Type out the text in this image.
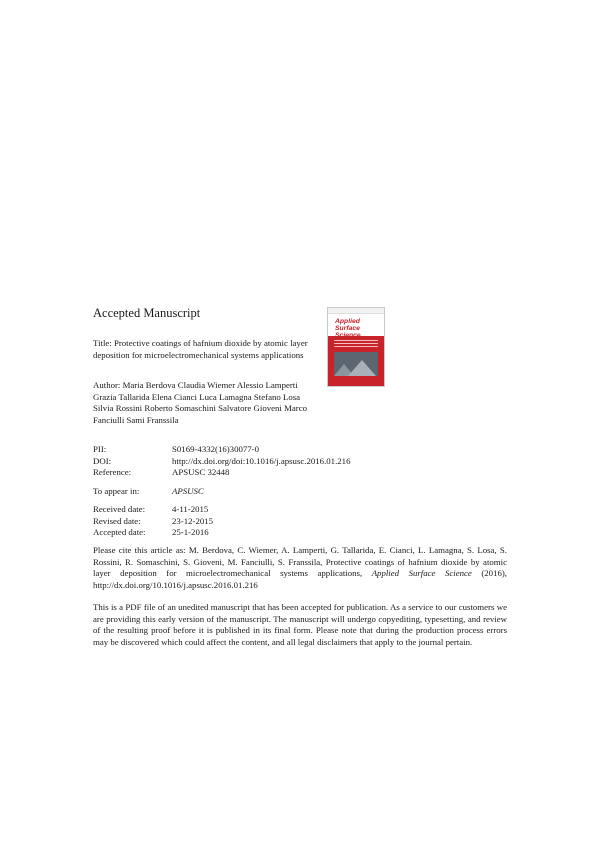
Accepted Manuscript
Applied Surface
Title: Protective coatings of hafnium dioxide by atomic layer deposition for microelectromechanical systems applications
Author: Maria Berdova Claudia Wiemer Alessio Lamperti Grazia Tallarida Elena Cianci Luca Lamagna Stefano Losa Silvia Rossini Roberto Somaschini Salvatore Gioveni Marco Fanciulli Sami Franssila
PII:	S0169-4332(16)30077-0
DOI:	http://dx.doi.org/doi:10.1016/j.apsusc.2016.01.216
Reference:	APSUSC 32448
To appear in:	APSUSC
Received date:	4-11-2015
Revised date:	23-12-2015
Accepted date:	25-1-2016
Please cite this article as: M. Berdova, C. Wiemer, A. Lamperti, G. Tallarida, E. Cianci, L. Lamagna, S. Losa, S. Rossini, R. Somaschini, S. Gioveni, M. Fanciulli, S. Franssila, Protective coatings of hafnium dioxide by atomic layer deposition for microelectromechanical systems applications, Applied Surface Science (2016), http://dx.doi.org/10.1016/j.apsusc.2016.01.216
This is a PDF file of an unedited manuscript that has been accepted for publication. As a service to our customers we are providing this early version of the manuscript. The manuscript will undergo copyediting, typesetting, and review of the resulting proof before it is published in its final form. Please note that during the production process errors may be discovered which could affect the content, and all legal disclaimers that apply to the journal pertain.
